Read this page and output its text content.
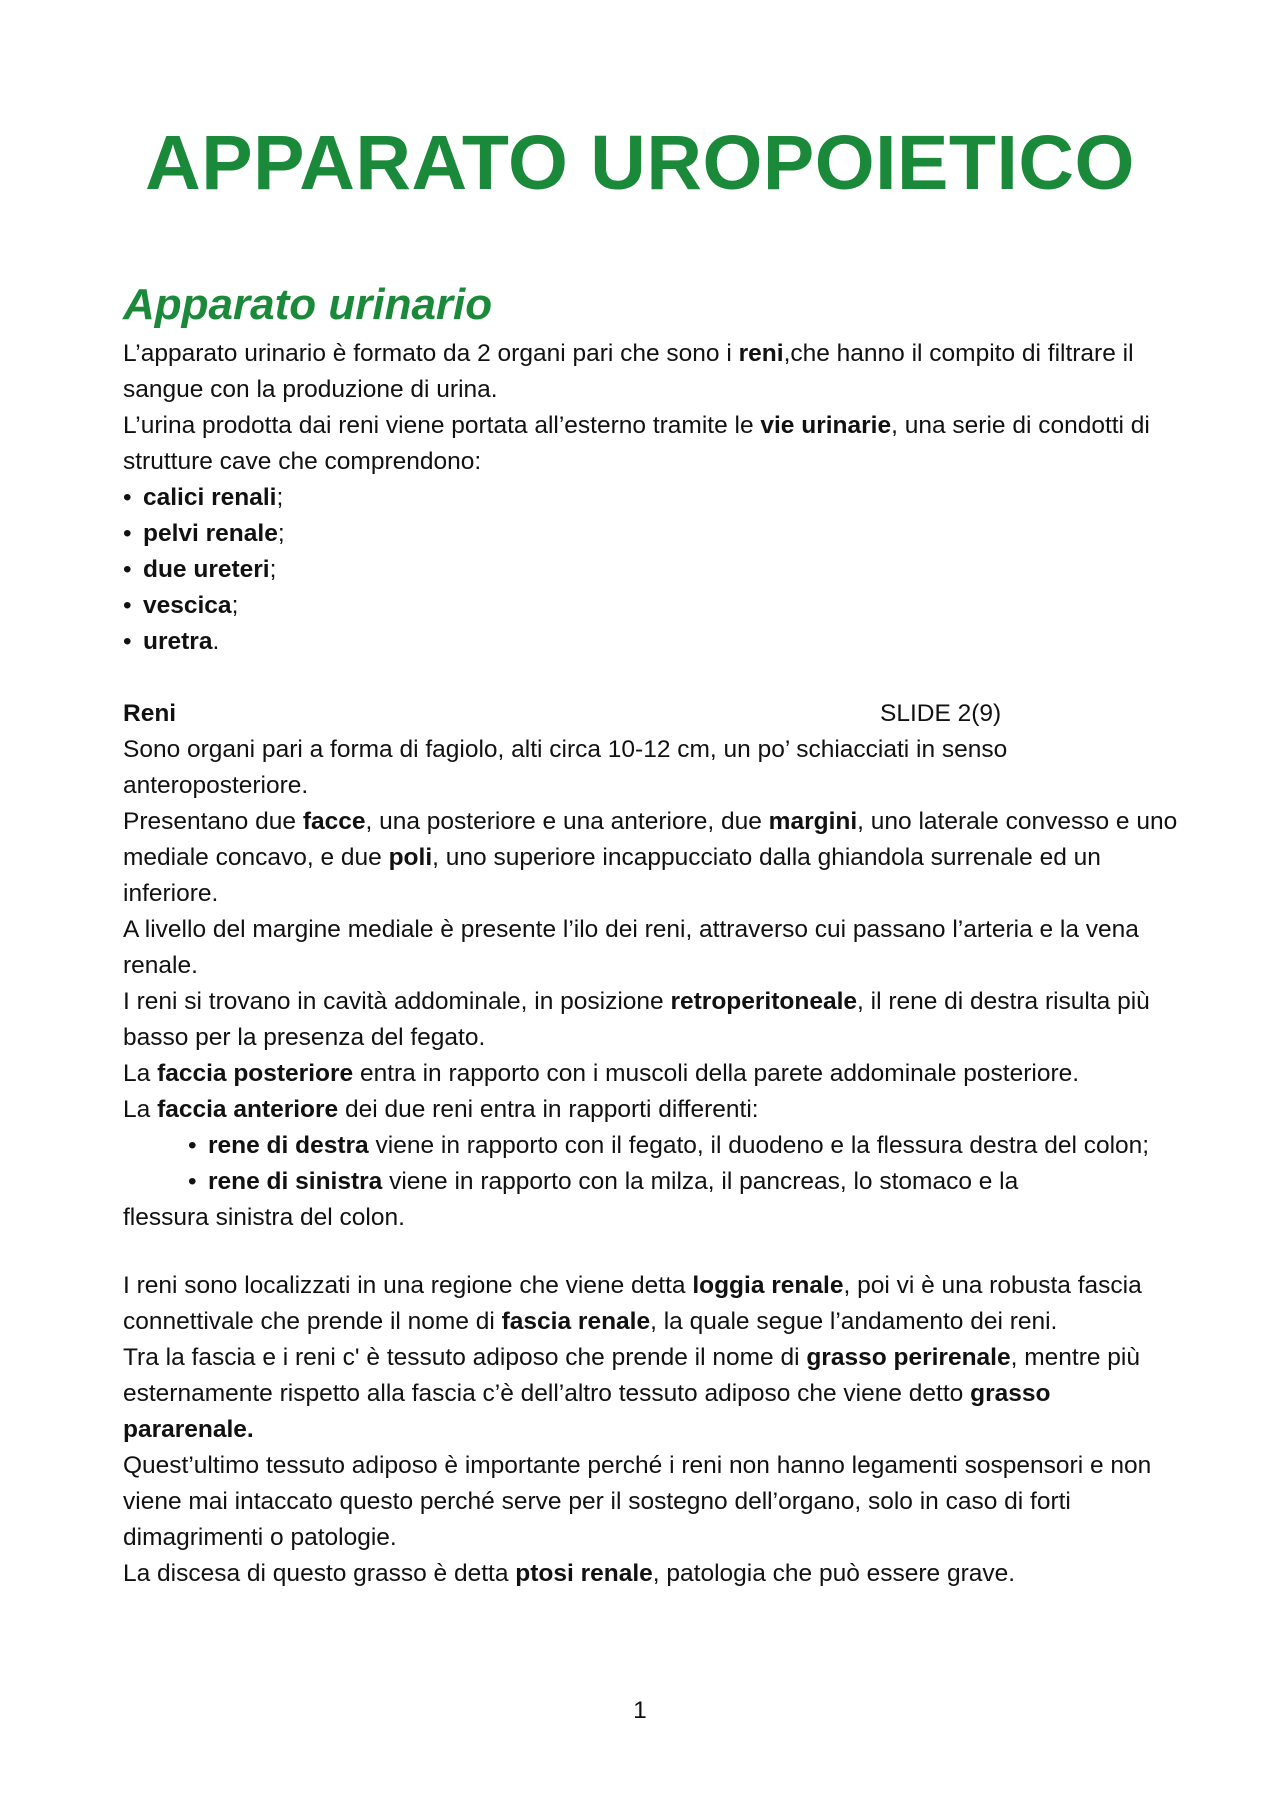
APPARATO UROPOIETICO
Apparato urinario

L’apparato urinario è formato da 2 organi pari che sono i reni,che hanno il compito di filtrare il sangue con la produzione di urina.

L’urina prodotta dai reni viene portata all’esterno tramite le vie urinarie, una serie di condotti di strutture cave che comprendono:

• calici renali;
• pelvi renale;
• due ureteri;
• vescica;
• uretra.
Reni	SLIDE 2(9)

Sono organi pari a forma di fagiolo, alti circa 10-12 cm, un po’ schiacciati in senso anteroposteriore.

Presentano due facce, una posteriore e una anteriore, due margini, uno laterale convesso e uno mediale concavo, e due poli, uno superiore incappucciato dalla ghiandola surrenale ed un inferiore.

A livello del margine mediale è presente l’ilo dei reni, attraverso cui passano l’arteria e la vena renale.

I reni si trovano in cavità addominale, in posizione retroperitoneale, il rene di destra risulta più basso per la presenza del fegato.

La faccia posteriore entra in rapporto con i muscoli della parete addominale posteriore.

La faccia anteriore dei due reni entra in rapporti differenti:

• rene di destra viene in rapporto con il fegato, il duodeno e la flessura destra del colon;
• rene di sinistra viene in rapporto con la milza, il pancreas, lo stomaco e la

flessura sinistra del colon.

I reni sono localizzati in una regione che viene detta loggia renale, poi vi è una robusta fascia connettivale che prende il nome di fascia renale, la quale segue l’andamento dei reni.

Tra la fascia e i reni c' è tessuto adiposo che prende il nome di grasso perirenale, mentre più esternamente rispetto alla fascia c’è dell’altro tessuto adiposo che viene detto grasso pararenale.

Quest’ultimo tessuto adiposo è importante perché i reni non hanno legamenti sospensori e non viene mai intaccato questo perché serve per il sostegno dell’organo, solo in caso di forti dimagrimenti o patologie.

La discesa di questo grasso è detta ptosi renale, patologia che può essere grave.

1
